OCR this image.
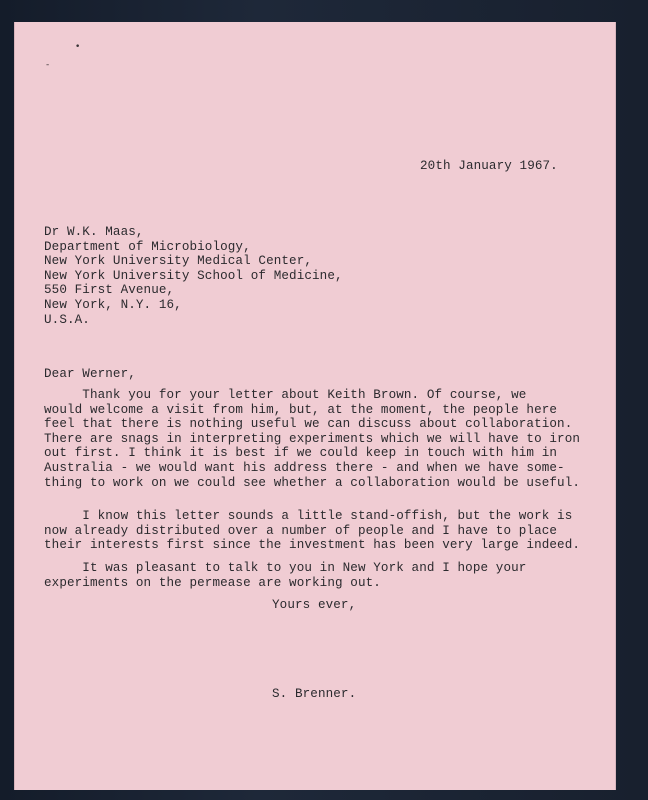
•
-
20th January 1967.
Dr W.K. Maas,
Department of Microbiology,
New York University Medical Center,
New York University School of Medicine,
550 First Avenue,
New York, N.Y. 16,
U.S.A.
Dear Werner,
Thank you for your letter about Keith Brown. Of course, we
would welcome a visit from him, but, at the moment, the people here
feel that there is nothing useful we can discuss about collaboration.
There are snags in interpreting experiments which we will have to iron
out first. I think it is best if we could keep in touch with him in
Australia - we would want his address there - and when we have some-
thing to work on we could see whether a collaboration would be useful.
I know this letter sounds a little stand-offish, but the work is
now already distributed over a number of people and I have to place
their interests first since the investment has been very large indeed.
It was pleasant to talk to you in New York and I hope your
experiments on the permease are working out.
Yours ever,
S. Brenner.
